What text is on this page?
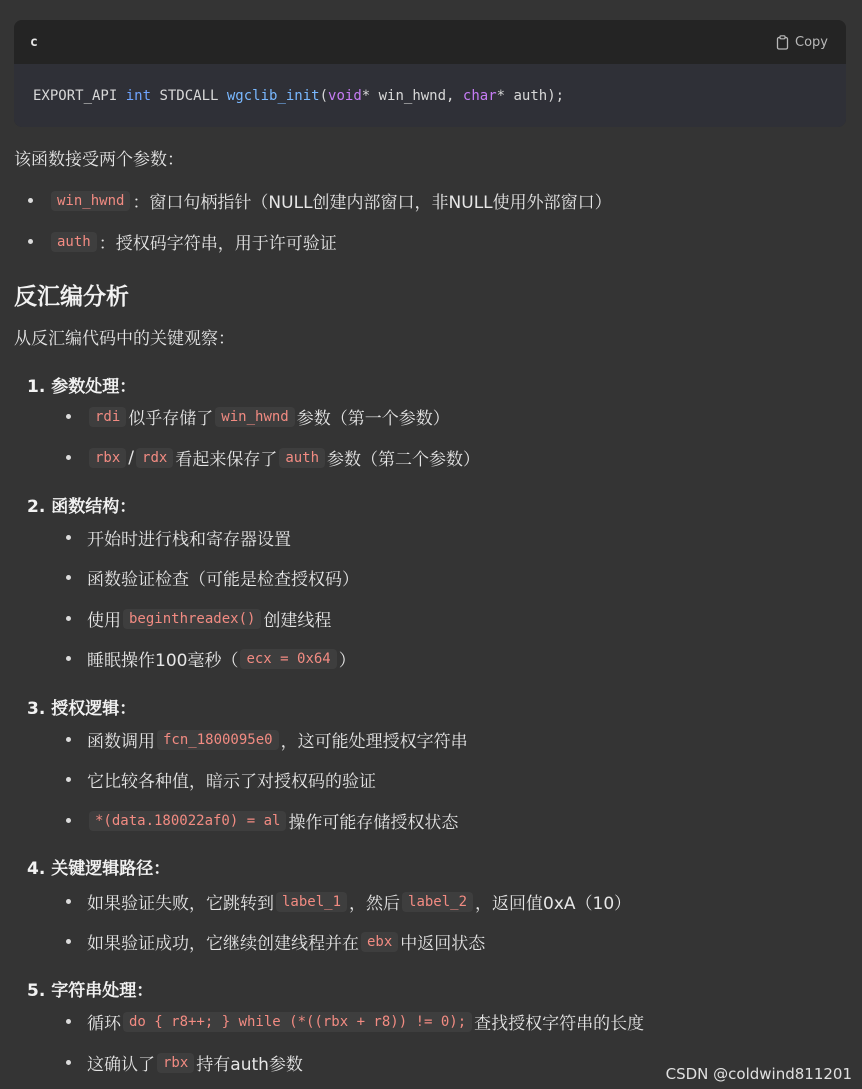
c	Copy
EXPORT_API int STDCALL wgclib_init ( void * win_hwnd, char * auth);
该函数接受两个参数：
win_hwnd ：窗口句柄指针（NULL创建内部窗口，非NULL使用外部窗口）
auth ：授权码字符串，用于许可验证
反汇编分析
从反汇编代码中的关键观察：
1. 参数处理：
rdi 似乎存储了 win_hwnd 参数（第一个参数）
rbx / rdx 看起来保存了 auth 参数（第二个参数）
2. 函数结构：
开始时进行栈和寄存器设置
函数验证检查（可能是检查授权码）
使用 beginthreadex() 创建线程
睡眠操作100毫秒（ ecx = 0x64 ）
3. 授权逻辑：
函数调用 fcn_1800095e0 ，这可能处理授权字符串
它比较各种值，暗示了对授权码的验证
*(data.180022af0) = al 操作可能存储授权状态
4. 关键逻辑路径：
如果验证失败，它跳转到 label_1 ，然后 label_2 ，返回值0xA（10）
如果验证成功，它继续创建线程并在 ebx 中返回状态
5. 字符串处理：
循环 do { r8++; } while (*((rbx + r8)) != 0); 查找授权字符串的长度
这确认了 rbx 持有auth参数	CSDN @coldwind811201
